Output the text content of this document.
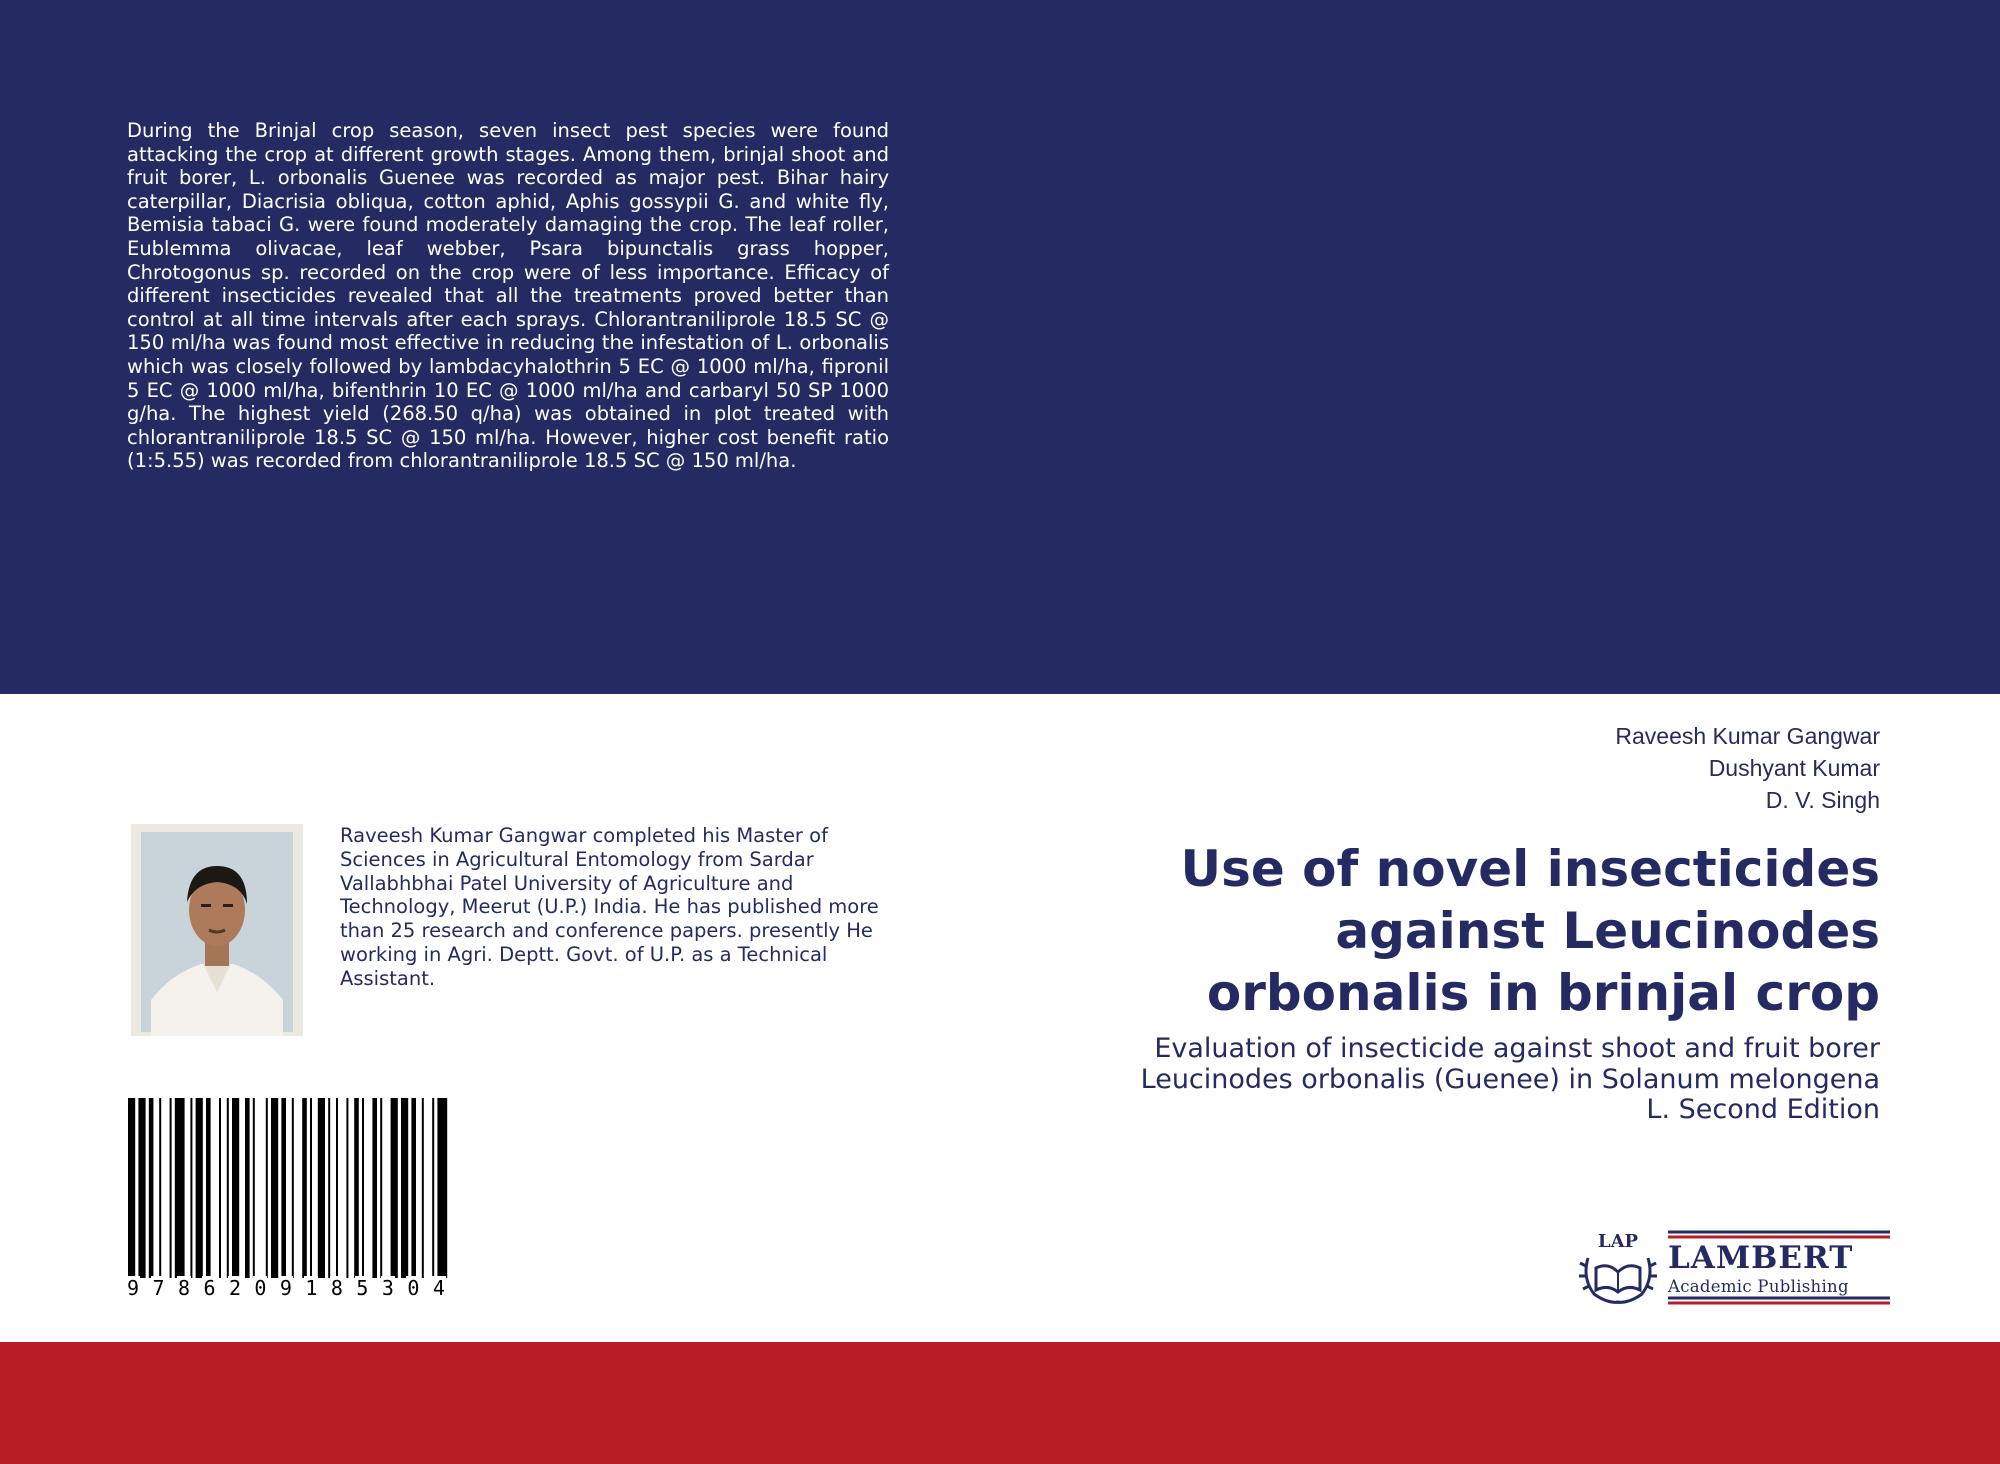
During the Brinjal crop season, seven insect pest species were found attacking the crop at different growth stages. Among them, brinjal shoot and fruit borer, L. orbonalis Guenee was recorded as major pest. Bihar hairy caterpillar, Diacrisia obliqua, cotton aphid, Aphis gossypii G. and white fly, Bemisia tabaci G. were found moderately damaging the crop. The leaf roller, Eublemma olivacae, leaf webber, Psara bipunctalis grass hopper, Chrotogonus sp. recorded on the crop were of less importance. Efficacy of different insecticides revealed that all the treatments proved better than control at all time intervals after each sprays. Chlorantraniliprole 18.5 SC @ 150 ml/ha was found most effective in reducing the infestation of L. orbonalis which was closely followed by lambdacyhalothrin 5 EC @ 1000 ml/ha, fipronil 5 EC @ 1000 ml/ha, bifenthrin 10 EC @ 1000 ml/ha and carbaryl 50 SP 1000 g/ha. The highest yield (268.50 q/ha) was obtained in plot treated with chlorantraniliprole 18.5 SC @ 150 ml/ha. However, higher cost benefit ratio (1:5.55) was recorded from chlorantraniliprole 18.5 SC @ 150 ml/ha.

Raveesh Kumar Gangwar
Dushyant Kumar
D. V. Singh
Use of novel insecticides against Leucinodes orbonalis in brinjal crop

Evaluation of insecticide against shoot and fruit borer Leucinodes orbonalis (Guenee) in Solanum melongena L. Second Edition

Raveesh Kumar Gangwar completed his Master of Sciences in Agricultural Entomology from Sardar Vallabhbhai Patel University of Agriculture and Technology, Meerut (U.P.) India. He has published more than 25 research and conference papers. presently He working in Agri. Deptt. Govt. of U.P. as a Technical Assistant.

9 7 8 6 2 0 9 1 8 5 3 0 4
LAP LAMBERT
Academic Publishing
